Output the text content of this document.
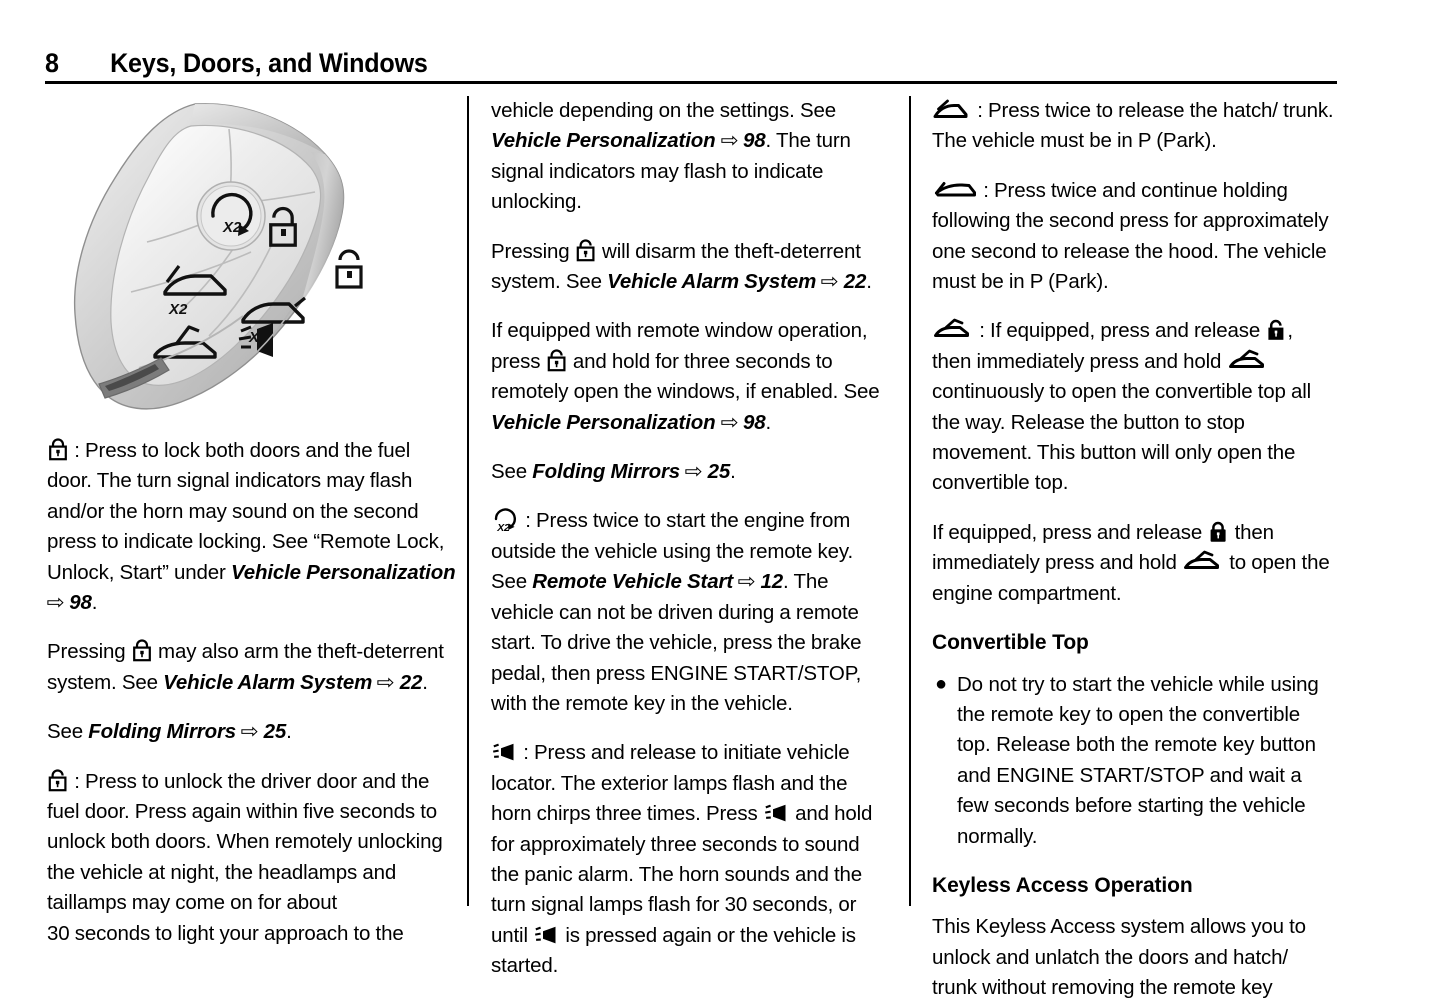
8	Keys, Doors, and Windows
X2
X2

: Press to lock both doors and the fuel door. The turn signal indicators may flash and/or the horn may sound on the second press to indicate locking. See “Remote Lock, Unlock, Start” under Vehicle Personalization ⇨ 98.

Pressing
may also arm the theft-deterrent system. See Vehicle Alarm System ⇨ 22.

See Folding Mirrors ⇨ 25.

: Press to unlock the driver door and the fuel door. Press again within five seconds to unlock both doors. When remotely unlocking the vehicle at night, the headlamps and taillamps may come on for about
30 seconds to light your approach to the

vehicle depending on the settings. See Vehicle Personalization ⇨ 98. The turn signal indicators may flash to indicate unlocking.

Pressing
will disarm the theft-deterrent system. See Vehicle Alarm System ⇨ 22.

If equipped with remote window operation, press
and hold for three seconds to remotely open the windows, if enabled. See Vehicle Personalization ⇨ 98.

See Folding Mirrors ⇨ 25.

X2 : Press twice to start the engine from outside the vehicle using the remote key. See Remote Vehicle Start ⇨ 12. The vehicle can not be driven during a remote start. To drive the vehicle, press the brake pedal, then press ENGINE START/STOP, with the remote key in the vehicle.

: Press and release to initiate vehicle locator. The exterior lamps flash and the horn chirps three times. Press
and hold for approximately three seconds to sound the panic alarm. The horn sounds and the turn signal lamps flash for 30 seconds, or until
is pressed again or the vehicle is started.

: Press twice to release the hatch/ trunk. The vehicle must be in P (Park).

: Press twice and continue holding following the second press for approximately one second to release the hood. The vehicle must be in P (Park).

: If equipped, press and release
, then immediately press and hold
continuously to open the convertible top all the way. Release the button to stop movement. This button will only open the convertible top.

If equipped, press and release
then immediately press and hold
to open the engine compartment.

Convertible Top
● Do not try to start the vehicle while using the remote key to open the convertible top. Release both the remote key button and ENGINE START/STOP and wait a few seconds before starting the vehicle normally.
Keyless Access Operation

This Keyless Access system allows you to unlock and unlatch the doors and hatch/ trunk without removing the remote key
